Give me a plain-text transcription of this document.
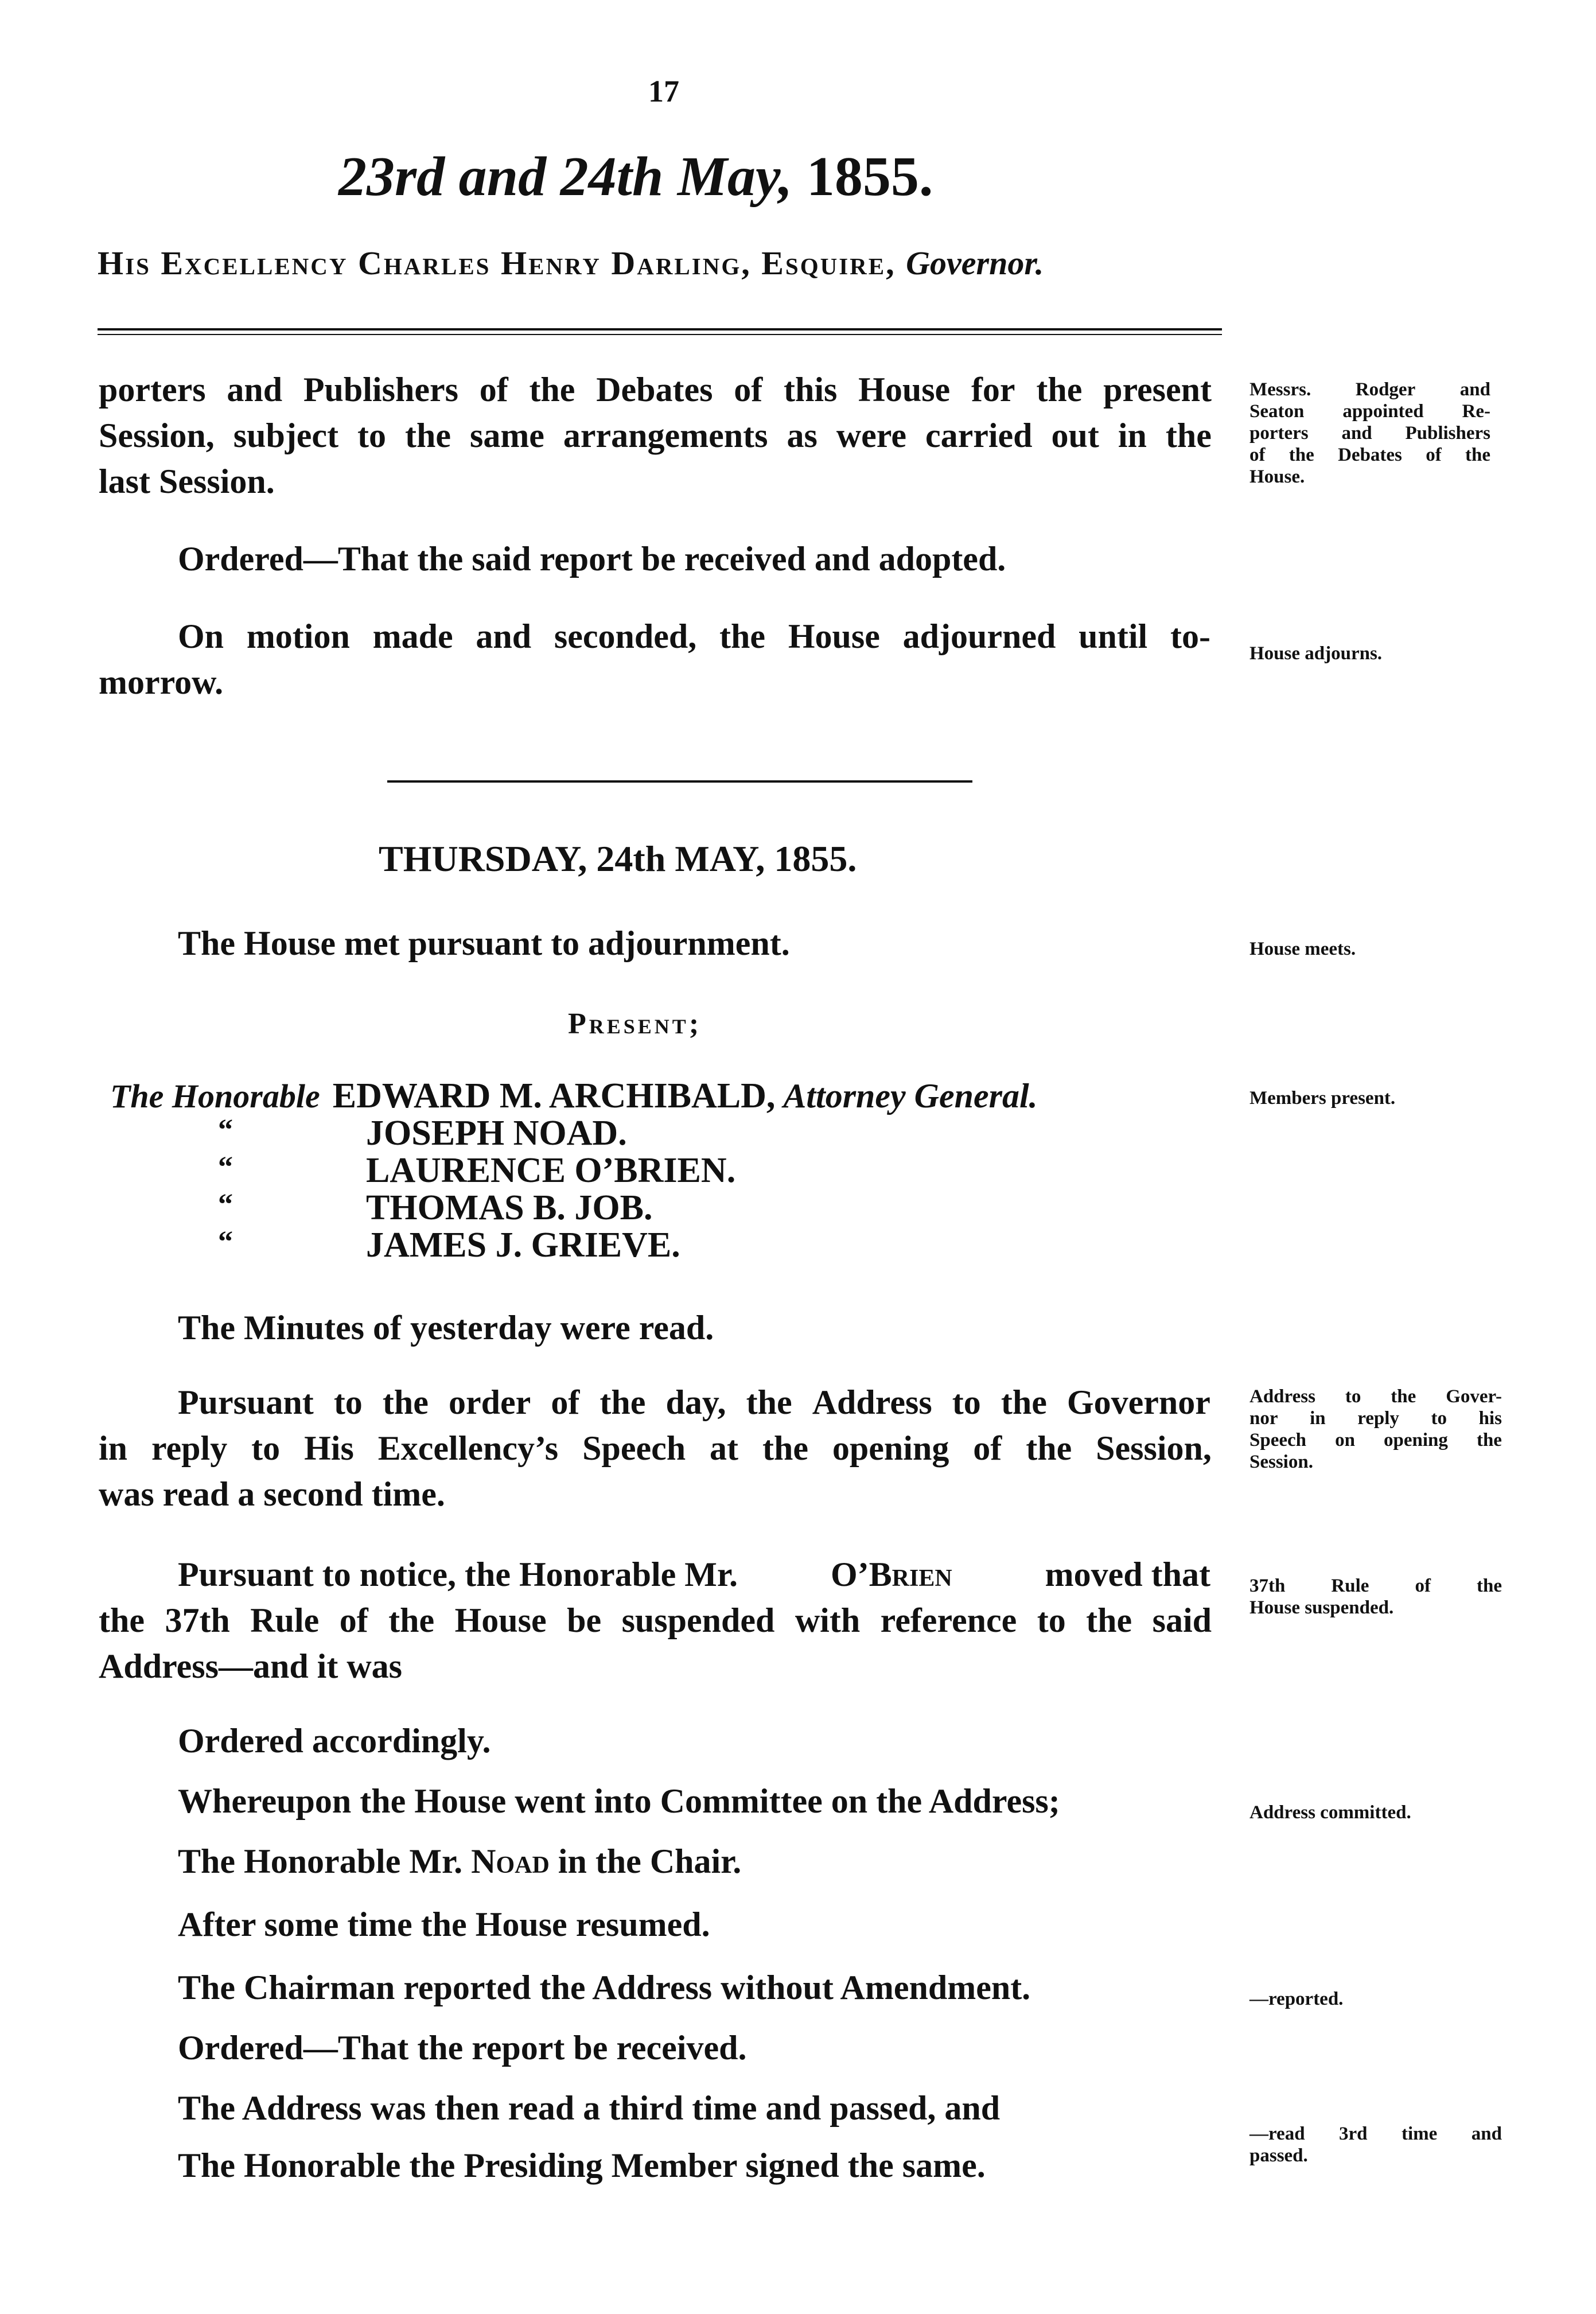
17
23rd and 24th May, 1855.
His Excellency Charles Henry Darling, Esquire, Governor.
porters and Publishers of the Debates of this House for the present
Session, subject to the same arrangements as were carried out in the
last Session.
Messrs. Rodger and
Seaton appointed Re-
porters and Publishers
of the Debates of the
House.
Ordered—That the said report be received and adopted.
On motion made and seconded, the House adjourned until to-
morrow.
House adjourns.
THURSDAY, 24th MAY, 1855.
The House met pursuant to adjournment.	House meets.
Present;
The Honorable EDWARD M. ARCHIBALD, Attorney General.
“	JOSEPH NOAD.
“	LAURENCE O’BRIEN.
“	THOMAS B. JOB.
“	JAMES J. GRIEVE.
Members present.
The Minutes of yesterday were read.
Pursuant to the order of the day, the Address to the Governor
in reply to His Excellency’s Speech at the opening of the Session,
was read a second time.
Address to the Gover-
nor in reply to his
Speech on opening the
Session.
Pursuant to notice, the Honorable Mr.	O’Brien	moved that
the 37th Rule of the House be suspended with reference to the said
Address—and it was
37th Rule of the
House suspended.
Ordered accordingly.
Whereupon the House went into Committee on the Address;	Address committed.
The Honorable Mr. Noad in the Chair.
After some time the House resumed.
The Chairman reported the Address without Amendment.	—reported.
Ordered—That the report be received.
The Address was then read a third time and passed, and
The Honorable the Presiding Member signed the same.
—read 3rd time and
passed.
